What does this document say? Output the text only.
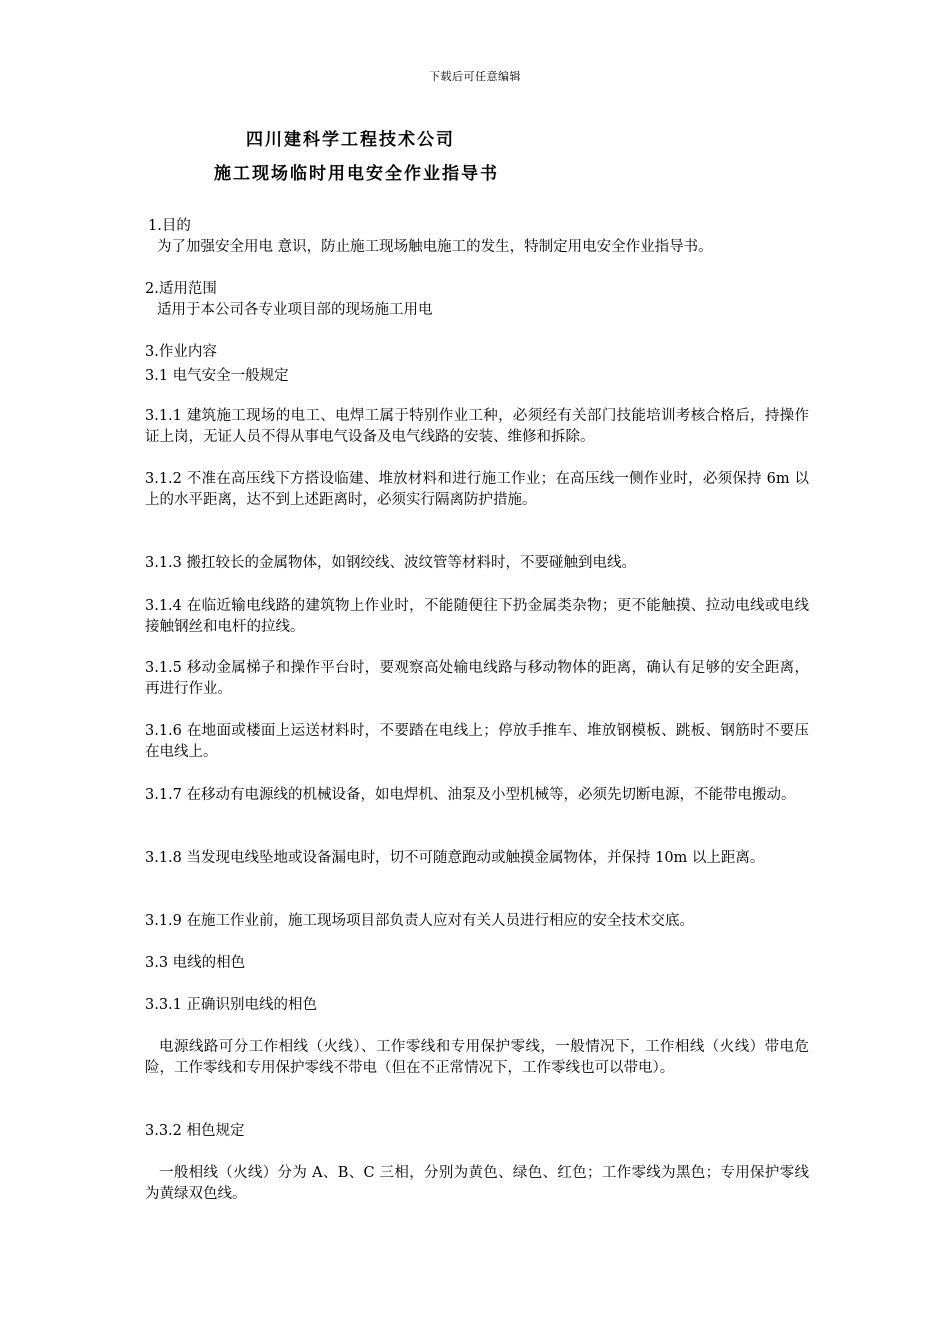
下载后可任意编辑
四川建科学工程技术公司
施工现场临时用电安全作业指导书
1.目的
为了加强安全用电 意识，防止施工现场触电施工的发生，特制定用电安全作业指导书。
2.适用范围
适用于本公司各专业项目部的现场施工用电
3.作业内容
3.1 电气安全一般规定
3.1.1 建筑施工现场的电工、电焊工属于特别作业工种，必须经有关部门技能培训考核合格后，持操作证上岗，无证人员不得从事电气设备及电气线路的安装、维修和拆除。
3.1.2 不准在高压线下方搭设临建、堆放材料和进行施工作业；在高压线一侧作业时，必须保持 6m 以上的水平距离，达不到上述距离时，必须实行隔离防护措施。
3.1.3 搬扛较长的金属物体，如钢绞线、波纹管等材料时，不要碰触到电线。
3.1.4 在临近输电线路的建筑物上作业时，不能随便往下扔金属类杂物；更不能触摸、拉动电线或电线接触钢丝和电杆的拉线。
3.1.5 移动金属梯子和操作平台时，要观察高处输电线路与移动物体的距离，确认有足够的安全距离，再进行作业。
3.1.6 在地面或楼面上运送材料时，不要踏在电线上；停放手推车、堆放钢模板、跳板、钢筋时不要压在电线上。
3.1.7 在移动有电源线的机械设备，如电焊机、油泵及小型机械等，必须先切断电源，不能带电搬动。
3.1.8 当发现电线坠地或设备漏电时，切不可随意跑动或触摸金属物体，并保持 10m 以上距离。
3.1.9 在施工作业前，施工现场项目部负责人应对有关人员进行相应的安全技术交底。
3.3 电线的相色
3.3.1 正确识别电线的相色
电源线路可分工作相线（火线）、工作零线和专用保护零线，一般情况下，工作相线（火线）带电危险，工作零线和专用保护零线不带电（但在不正常情况下，工作零线也可以带电）。
3.3.2 相色规定
一般相线（火线）分为 A、B、C 三相，分别为黄色、绿色、红色；工作零线为黑色；专用保护零线为黄绿双色线。
